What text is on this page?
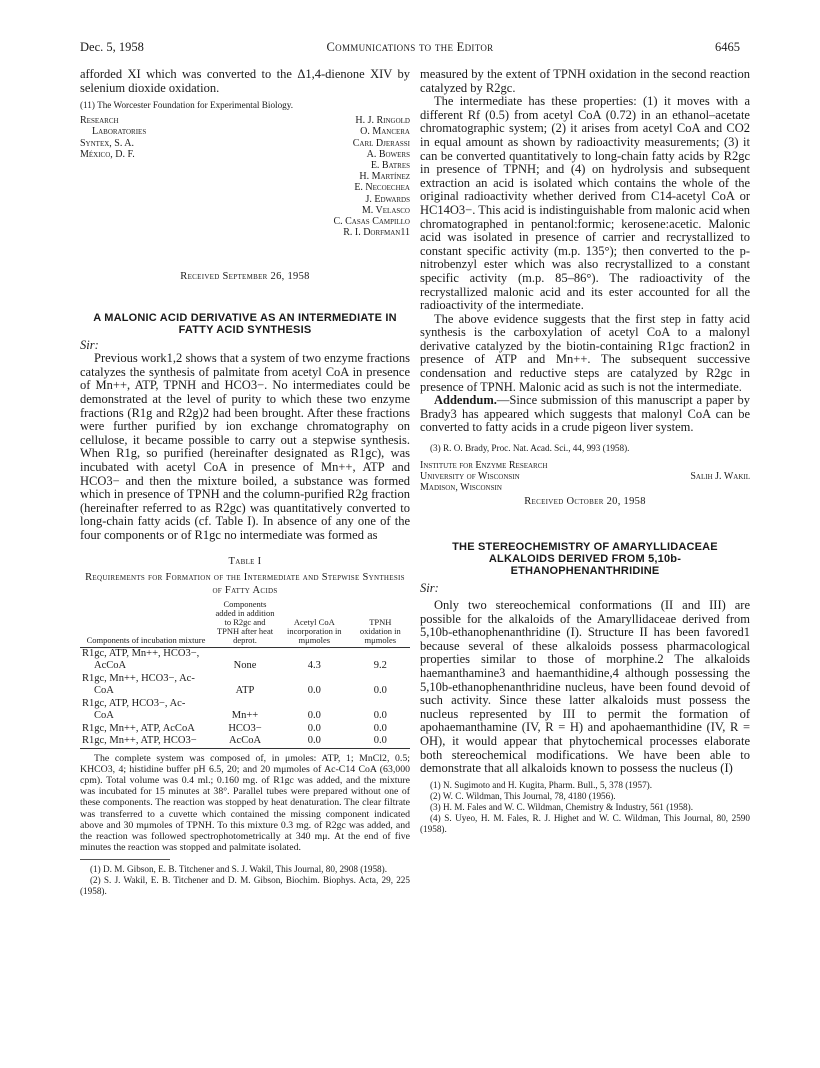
Dec. 5, 1958	Communications to the Editor	6465

afforded XI which was converted to the Δ1,4-dienone XIV by selenium dioxide oxidation.

(11) The Worcester Foundation for Experimental Biology.

Research
Laboratories
Syntex, S. A.
México, D. F.
H. J. Ringold
O. Mancera
Carl Djerassi
A. Bowers
E. Batres
H. Martínez
E. Necoechea
J. Edwards
M. Velasco
C. Casas Campillo
R. I. Dorfman11
Received September 26, 1958
A MALONIC ACID DERIVATIVE AS AN INTERMEDIATE IN FATTY ACID SYNTHESIS
Sir:

Previous work1,2 shows that a system of two enzyme fractions catalyzes the synthesis of palmitate from acetyl CoA in presence of Mn++, ATP, TPNH and HCO3−. No intermediates could be demonstrated at the level of purity to which these two enzyme fractions (R1g and R2g)2 had been brought. After these fractions were further purified by ion exchange chromatography on cellulose, it became possible to carry out a stepwise synthesis. When R1g, so purified (hereinafter designated as R1gc), was incubated with acetyl CoA in presence of Mn++, ATP and HCO3− and then the mixture boiled, a substance was formed which in presence of TPNH and the column-purified R2g fraction (hereinafter referred to as R2gc) was quantitatively converted to long-chain fatty acids (cf. Table I). In absence of any one of the four components or of R1gc no intermediate was formed as

Table I
Requirements for Formation of the Intermediate and Stepwise Synthesis of Fatty Acids
Components of incubation mixture	Components added in addition to R2gc and TPNH after heat deprot.	Acetyl CoA incorporation in mμmoles	TPNH oxidation in mμmoles

R1gc, ATP, Mn++, HCO3−,
AcCoA	None	4.3	9.2

R1gc, Mn++, HCO3−, Ac-
CoA	ATP	0.0	0.0

R1gc, ATP, HCO3−, Ac-
CoA	Mn++	0.0	0.0
R1gc, Mn++, ATP, AcCoA	HCO3−	0.0	0.0
R1gc, Mn++, ATP, HCO3−	AcCoA	0.0	0.0

The complete system was composed of, in μmoles: ATP, 1; MnCl2, 0.5; KHCO3, 4; histidine buffer pH 6.5, 20; and 20 mμmoles of Ac-C14 CoA (63,000 cpm). Total volume was 0.4 ml.; 0.160 mg. of R1gc was added, and the mixture was incubated for 15 minutes at 38°. Parallel tubes were prepared without one of these components. The reaction was stopped by heat denaturation. The clear filtrate was transferred to a cuvette which contained the missing component indicated above and 30 mμmoles of TPNH. To this mixture 0.3 mg. of R2gc was added, and the reaction was followed spectrophotometrically at 340 mμ. At the end of five minutes the reaction was stopped and palmitate isolated.

(1) D. M. Gibson, E. B. Titchener and S. J. Wakil, This Journal, 80, 2908 (1958).

(2) S. J. Wakil, E. B. Titchener and D. M. Gibson, Biochim. Biophys. Acta, 29, 225 (1958).

measured by the extent of TPNH oxidation in the second reaction catalyzed by R2gc.

The intermediate has these properties: (1) it moves with a different Rf (0.5) from acetyl CoA (0.72) in an ethanol–acetate chromatographic system; (2) it arises from acetyl CoA and CO2 in equal amount as shown by radioactivity measurements; (3) it can be converted quantitatively to long-chain fatty acids by R2gc in presence of TPNH; and (4) on hydrolysis and subsequent extraction an acid is isolated which contains the whole of the original radioactivity whether derived from C14-acetyl CoA or HC14O3−. This acid is indistinguishable from malonic acid when chromatographed in pentanol:formic; kerosene:acetic. Malonic acid was isolated in presence of carrier and recrystallized to constant specific activity (m.p. 135°); then converted to the p-nitrobenzyl ester which was also recrystallized to a constant specific activity (m.p. 85–86°). The radioactivity of the recrystallized malonic acid and its ester accounted for all the radioactivity of the intermediate.

The above evidence suggests that the first step in fatty acid synthesis is the carboxylation of acetyl CoA to a malonyl derivative catalyzed by the biotin-containing R1gc fraction2 in presence of ATP and Mn++. The subsequent successive condensation and reductive steps are catalyzed by R2gc in presence of TPNH. Malonic acid as such is not the intermediate.

Addendum.—Since submission of this manuscript a paper by Brady3 has appeared which suggests that malonyl CoA can be converted to fatty acids in a crude pigeon liver system.

(3) R. O. Brady, Proc. Nat. Acad. Sci., 44, 993 (1958).

Institute for Enzyme Research
University of Wisconsin
Madison, Wisconsin
Salih J. Wakil
Received October 20, 1958
THE STEREOCHEMISTRY OF AMARYLLIDACEAE ALKALOIDS DERIVED FROM 5,10b-ETHANOPHENANTHRIDINE
Sir:

Only two stereochemical conformations (II and III) are possible for the alkaloids of the Amaryllidaceae derived from 5,10b-ethanophenanthridine (I). Structure II has been favored1 because several of these alkaloids possess pharmacological properties similar to those of morphine.2 The alkaloids haemanthamine3 and haemanthidine,4 although possessing the 5,10b-ethanophenanthridine nucleus, have been found devoid of such activity. Since these latter alkaloids must possess the nucleus represented by III to permit the formation of apohaemanthamine (IV, R = H) and apohaemanthidine (IV, R = OH), it would appear that phytochemical processes elaborate both stereochemical modifications. We have been able to demonstrate that all alkaloids known to possess the nucleus (I)

(1) N. Sugimoto and H. Kugita, Pharm. Bull., 5, 378 (1957).

(2) W. C. Wildman, This Journal, 78, 4180 (1956).

(3) H. M. Fales and W. C. Wildman, Chemistry & Industry, 561 (1958).

(4) S. Uyeo, H. M. Fales, R. J. Highet and W. C. Wildman, This Journal, 80, 2590 (1958).
